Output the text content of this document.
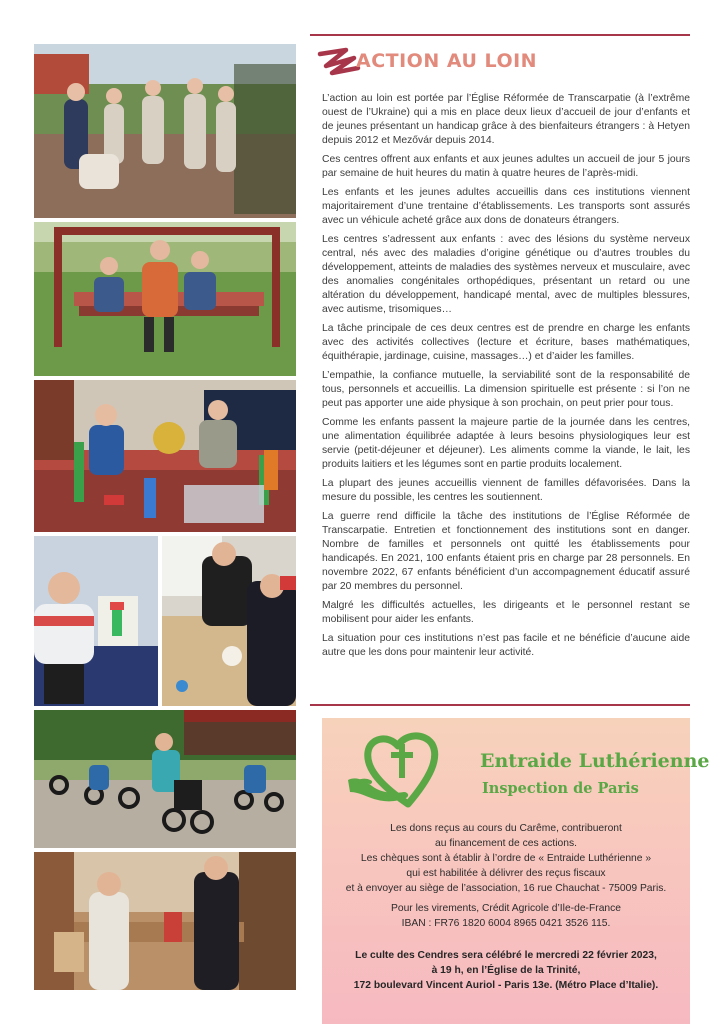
ACTION AU LOIN

L’action au loin est portée par l’Église Réformée de Transcarpatie (à l’extrême ouest de l’Ukraine) qui a mis en place deux lieux d’accueil de jour d’enfants et de jeunes présentant un handicap grâce à des bienfaiteurs étrangers : à Hetyen depuis 2012 et Mezővár depuis 2014.

Ces centres offrent aux enfants et aux jeunes adultes un accueil de jour 5 jours par semaine de huit heures du matin à quatre heures de l’après-midi.

Les enfants et les jeunes adultes accueillis dans ces institutions viennent majoritairement d’une trentaine d’établissements. Les transports sont assurés avec un véhicule acheté grâce aux dons de donateurs étrangers.

Les centres s’adressent aux enfants : avec des lésions du système nerveux central, nés avec des maladies d’origine génétique ou d’autres troubles du développement, atteints de maladies des systèmes nerveux et musculaire, avec des anomalies congénitales orthopédiques, présentant un retard ou une altération du développement, handicapé mental, avec de multiples blessures, avec autisme, trisomiques…

La tâche principale de ces deux centres est de prendre en charge les enfants avec des activités collectives (lecture et écriture, bases mathématiques, équithérapie, jardinage, cuisine, massages…) et d’aider les familles.

L’empathie, la confiance mutuelle, la serviabilité sont de la responsabilité de tous, personnels et accueillis. La dimension spirituelle est présente : si l’on ne peut pas apporter une aide physique à son prochain, on peut prier pour tous.

Comme les enfants passent la majeure partie de la journée dans les centres, une alimentation équilibrée adaptée à leurs besoins physiologiques leur est servie (petit-déjeuner et déjeuner). Les aliments comme la viande, le lait, les produits laitiers et les légumes sont en partie produits localement.

La plupart des jeunes accueillis viennent de familles défavorisées. Dans la mesure du possible, les centres les soutiennent.

La guerre rend difficile la tâche des institutions de l’Église Réformée de Transcarpatie. Entretien et fonctionnement des institutions sont en danger. Nombre de familles et personnels ont quitté les établissements pour handicapés. En 2021, 100 enfants étaient pris en charge par 28 personnels. En novembre 2022, 67 enfants bénéficient d’un accompagnement éducatif assuré par 20 membres du personnel.

Malgré les difficultés actuelles, les dirigeants et le personnel restant se mobilisent pour aider les enfants.

La situation pour ces institutions n’est pas facile et ne bénéficie d’aucune aide autre que les dons pour maintenir leur activité.

Entraide Luthérienne
Inspection de Paris
Les dons reçus au cours du Carême, contribueront
au financement de ces actions.
Les chèques sont à établir à l’ordre de « Entraide Luthérienne »
qui est habilitée à délivrer des reçus fiscaux
et à envoyer au siège de l’association, 16 rue Chauchat - 75009 Paris.
Pour les virements, Crédit Agricole d’Ile-de-France
IBAN : FR76 1820 6004 8965 0421 3526 115.
Le culte des Cendres sera célébré le mercredi 22 février 2023,
à 19 h, en l’Église de la Trinité,
172 boulevard Vincent Auriol - Paris 13e. (Métro Place d’Italie).
